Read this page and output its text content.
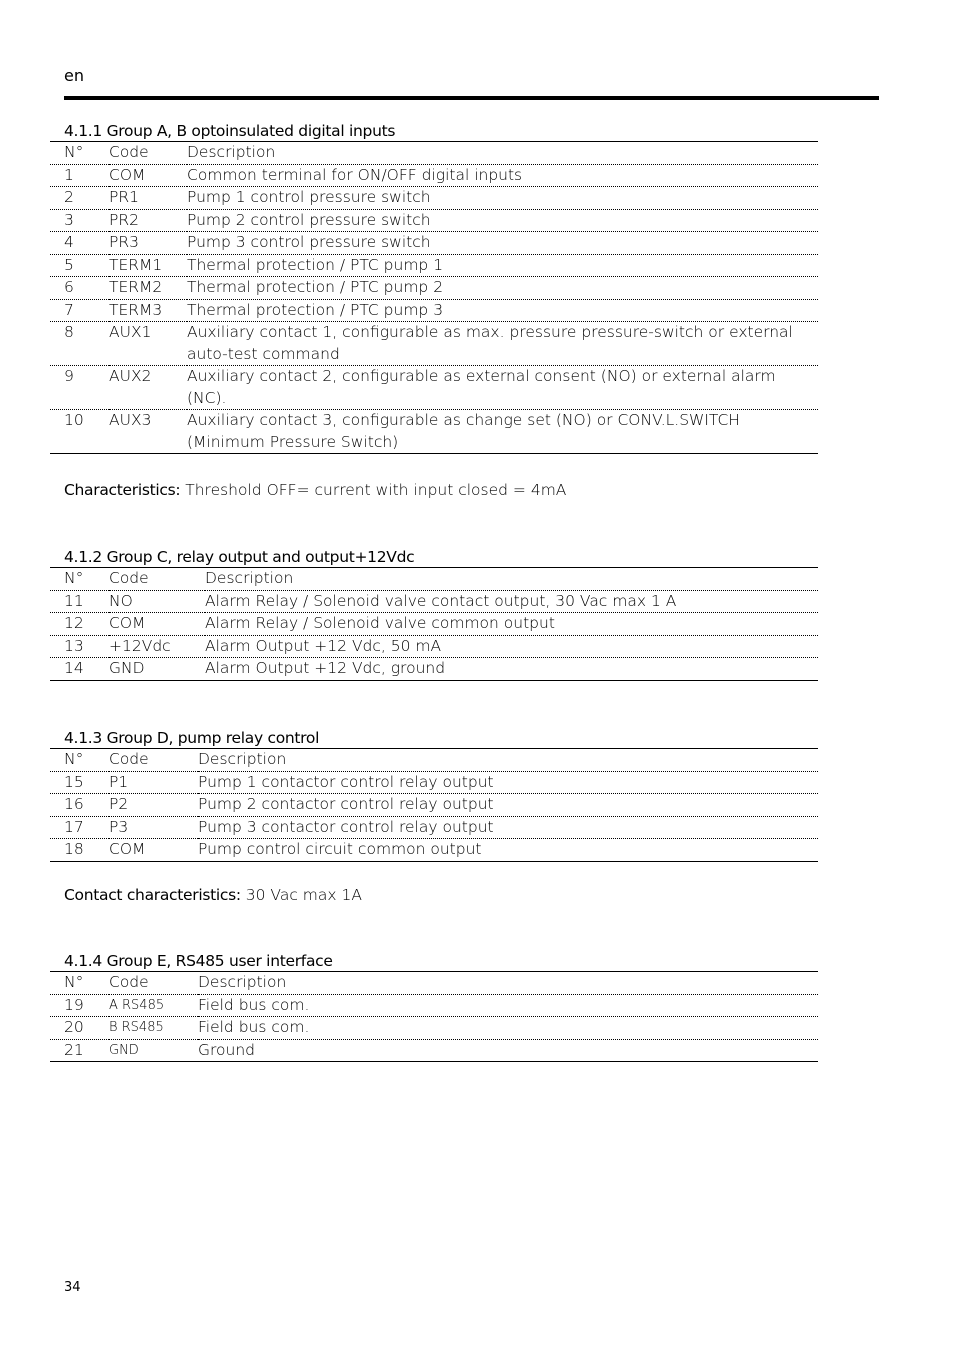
en
4.1.1 Group A, B optoinsulated digital inputs
N°	Code	Description
1	COM	Common terminal for ON/OFF digital inputs
2	PR1	Pump 1 control pressure switch
3	PR2	Pump 2 control pressure switch
4	PR3	Pump 3 control pressure switch
5	TERM1	Thermal protection / PTC pump 1
6	TERM2	Thermal protection / PTC pump 2
7	TERM3	Thermal protection / PTC pump 3
8	AUX1	Auxiliary contact 1, configurable as max. pressure pressure-switch or external
auto-test command

9	AUX2	Auxiliary contact 2, configurable as external consent (NO) or external alarm
(NC).

10	AUX3	Auxiliary contact 3, configurable as change set (NO) or CONV.L.SWITCH
(Minimum Pressure Switch)
Characteristics: Threshold OFF= current with input closed = 4mA
4.1.2 Group C, relay output and output+12Vdc
N°	Code	Description
11	NO	Alarm Relay / Solenoid valve contact output, 30 Vac max 1 A
12	COM	Alarm Relay / Solenoid valve common output
13	+12Vdc	Alarm Output +12 Vdc, 50 mA
14	GND	Alarm Output +12 Vdc, ground
4.1.3 Group D, pump relay control
N°	Code	Description
15	P1	Pump 1 contactor control relay output
16	P2	Pump 2 contactor control relay output
17	P3	Pump 3 contactor control relay output
18	COM	Pump control circuit common output
Contact characteristics: 30 Vac max 1A
4.1.4 Group E, RS485 user interface
N°	Code	Description
19	A RS485	Field bus com.
20	B RS485	Field bus com.
21	GND	Ground
34
